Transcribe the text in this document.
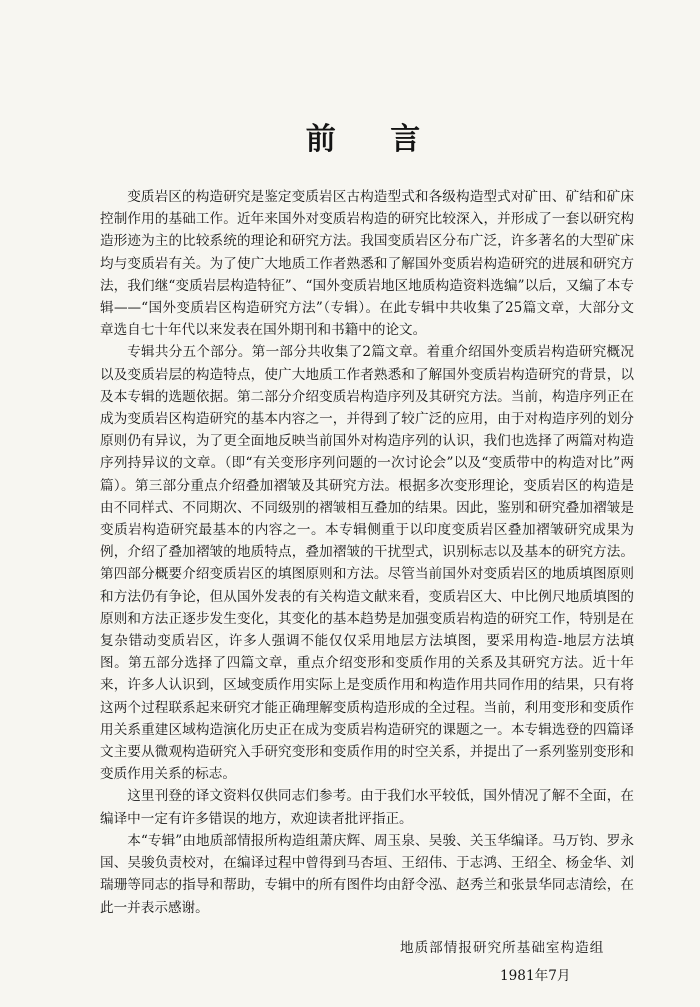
前 言

变质岩区的构造研究是鉴定变质岩区古构造型式和各级构造型式对矿田、矿结和矿床控制作用的基础工作。近年来国外对变质岩构造的研究比较深入，并形成了一套以研究构造形迹为主的比较系统的理论和研究方法。我国变质岩区分布广泛，许多著名的大型矿床均与变质岩有关。为了使广大地质工作者熟悉和了解国外变质岩构造研究的进展和研究方法，我们继“变质岩层构造特征”、“国外变质岩地区地质构造资料选编”以后，又编了本专辑——“国外变质岩区构造研究方法”（专辑）。在此专辑中共收集了25篇文章，大部分文章选自七十年代以来发表在国外期刊和书籍中的论文。

专辑共分五个部分。第一部分共收集了2篇文章。着重介绍国外变质岩构造研究概况以及变质岩层的构造特点，使广大地质工作者熟悉和了解国外变质岩构造研究的背景，以及本专辑的选题依据。第二部分介绍变质岩构造序列及其研究方法。当前，构造序列正在成为变质岩区构造研究的基本内容之一，并得到了较广泛的应用，由于对构造序列的划分原则仍有异议，为了更全面地反映当前国外对构造序列的认识，我们也选择了两篇对构造序列持异议的文章。（即“有关变形序列问题的一次讨论会”以及“变质带中的构造对比”两篇）。第三部分重点介绍叠加褶皱及其研究方法。根据多次变形理论，变质岩区的构造是由不同样式、不同期次、不同级别的褶皱相互叠加的结果。因此，鉴别和研究叠加褶皱是变质岩构造研究最基本的内容之一。本专辑侧重于以印度变质岩区叠加褶皱研究成果为例，介绍了叠加褶皱的地质特点，叠加褶皱的干扰型式，识别标志以及基本的研究方法。第四部分概要介绍变质岩区的填图原则和方法。尽管当前国外对变质岩区的地质填图原则和方法仍有争论，但从国外发表的有关构造文献来看，变质岩区大、中比例尺地质填图的原则和方法正逐步发生变化，其变化的基本趋势是加强变质岩构造的研究工作，特别是在复杂错动变质岩区，许多人强调不能仅仅采用地层方法填图，要采用构造-地层方法填图。第五部分选择了四篇文章，重点介绍变形和变质作用的关系及其研究方法。近十年来，许多人认识到，区域变质作用实际上是变质作用和构造作用共同作用的结果，只有将这两个过程联系起来研究才能正确理解变质构造形成的全过程。当前，利用变形和变质作用关系重建区域构造演化历史正在成为变质岩构造研究的课题之一。本专辑选登的四篇译文主要从微观构造研究入手研究变形和变质作用的时空关系，并提出了一系列鉴别变形和变质作用关系的标志。

这里刊登的译文资料仅供同志们参考。由于我们水平较低，国外情况了解不全面，在编译中一定有许多错误的地方，欢迎读者批评指正。

本“专辑”由地质部情报所构造组萧庆辉、周玉泉、吴骏、关玉华编译。马万钧、罗永国、吴骏负责校对，在编译过程中曾得到马杏垣、王绍伟、于志鸿、王绍全、杨金华、刘瑞珊等同志的指导和帮助，专辑中的所有图件均由舒令泓、赵秀兰和张景华同志清绘，在此一并表示感谢。

地质部情报研究所基础室构造组
1981年7月
